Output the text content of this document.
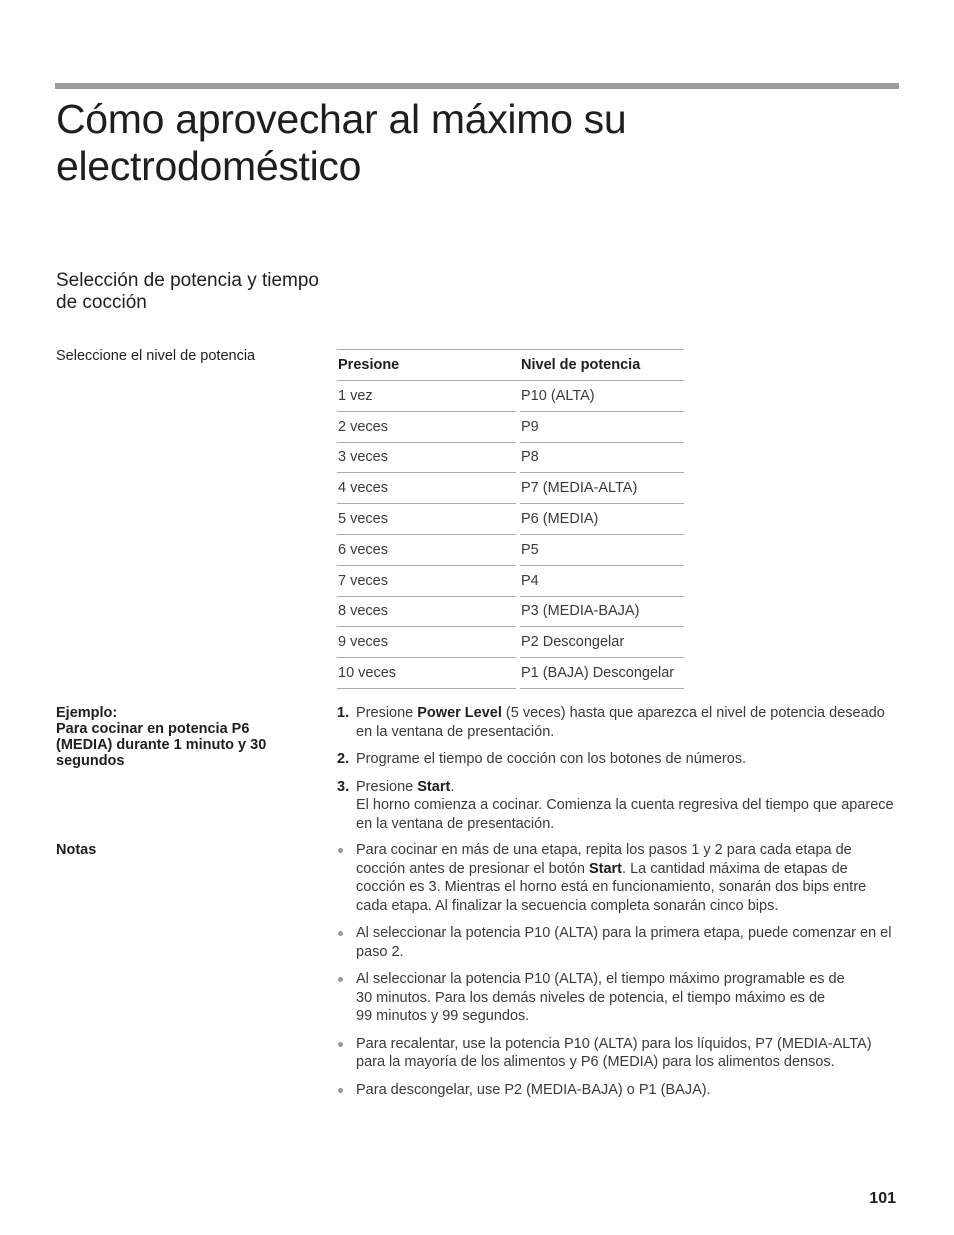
Cómo aprovechar al máximo su electrodoméstico
Selección de potencia y tiempo de cocción
Seleccione el nivel de potencia
Presione		Nivel de potencia
1 vez		P10 (ALTA)
2 veces		P9
3 veces		P8
4 veces		P7 (MEDIA-ALTA)
5 veces		P6 (MEDIA)
6 veces		P5
7 veces		P4
8 veces		P3 (MEDIA-BAJA)
9 veces		P2 Descongelar
10 veces		P1 (BAJA) Descongelar
Ejemplo:
Para cocinar en potencia P6 (MEDIA) durante 1 minuto y 30 segundos
1. Presione Power Level (5 veces) hasta que aparezca el nivel de potencia deseado en la ventana de presentación.
2. Programe el tiempo de cocción con los botones de números.
3. Presione Start.
El horno comienza a cocinar. Comienza la cuenta regresiva del tiempo que aparece en la ventana de presentación.
Notas	Para cocinar en más de una etapa, repita los pasos 1 y 2 para cada etapa de cocción antes de presionar el botón Start. La cantidad máxima de etapas de cocción es 3. Mientras el horno está en funcionamiento, sonarán dos bips entre cada etapa. Al finalizar la secuencia completa sonarán cinco bips.
Al seleccionar la potencia P10 (ALTA) para la primera etapa, puede comenzar en el paso 2.
Al seleccionar la potencia P10 (ALTA), el tiempo máximo programable es de
30 minutos. Para los demás niveles de potencia, el tiempo máximo es de
99 minutos y 99 segundos.
Para recalentar, use la potencia P10 (ALTA) para los líquidos, P7 (MEDIA-ALTA) para la mayoría de los alimentos y P6 (MEDIA) para los alimentos densos.
Para descongelar, use P2 (MEDIA-BAJA) o P1 (BAJA).
101
